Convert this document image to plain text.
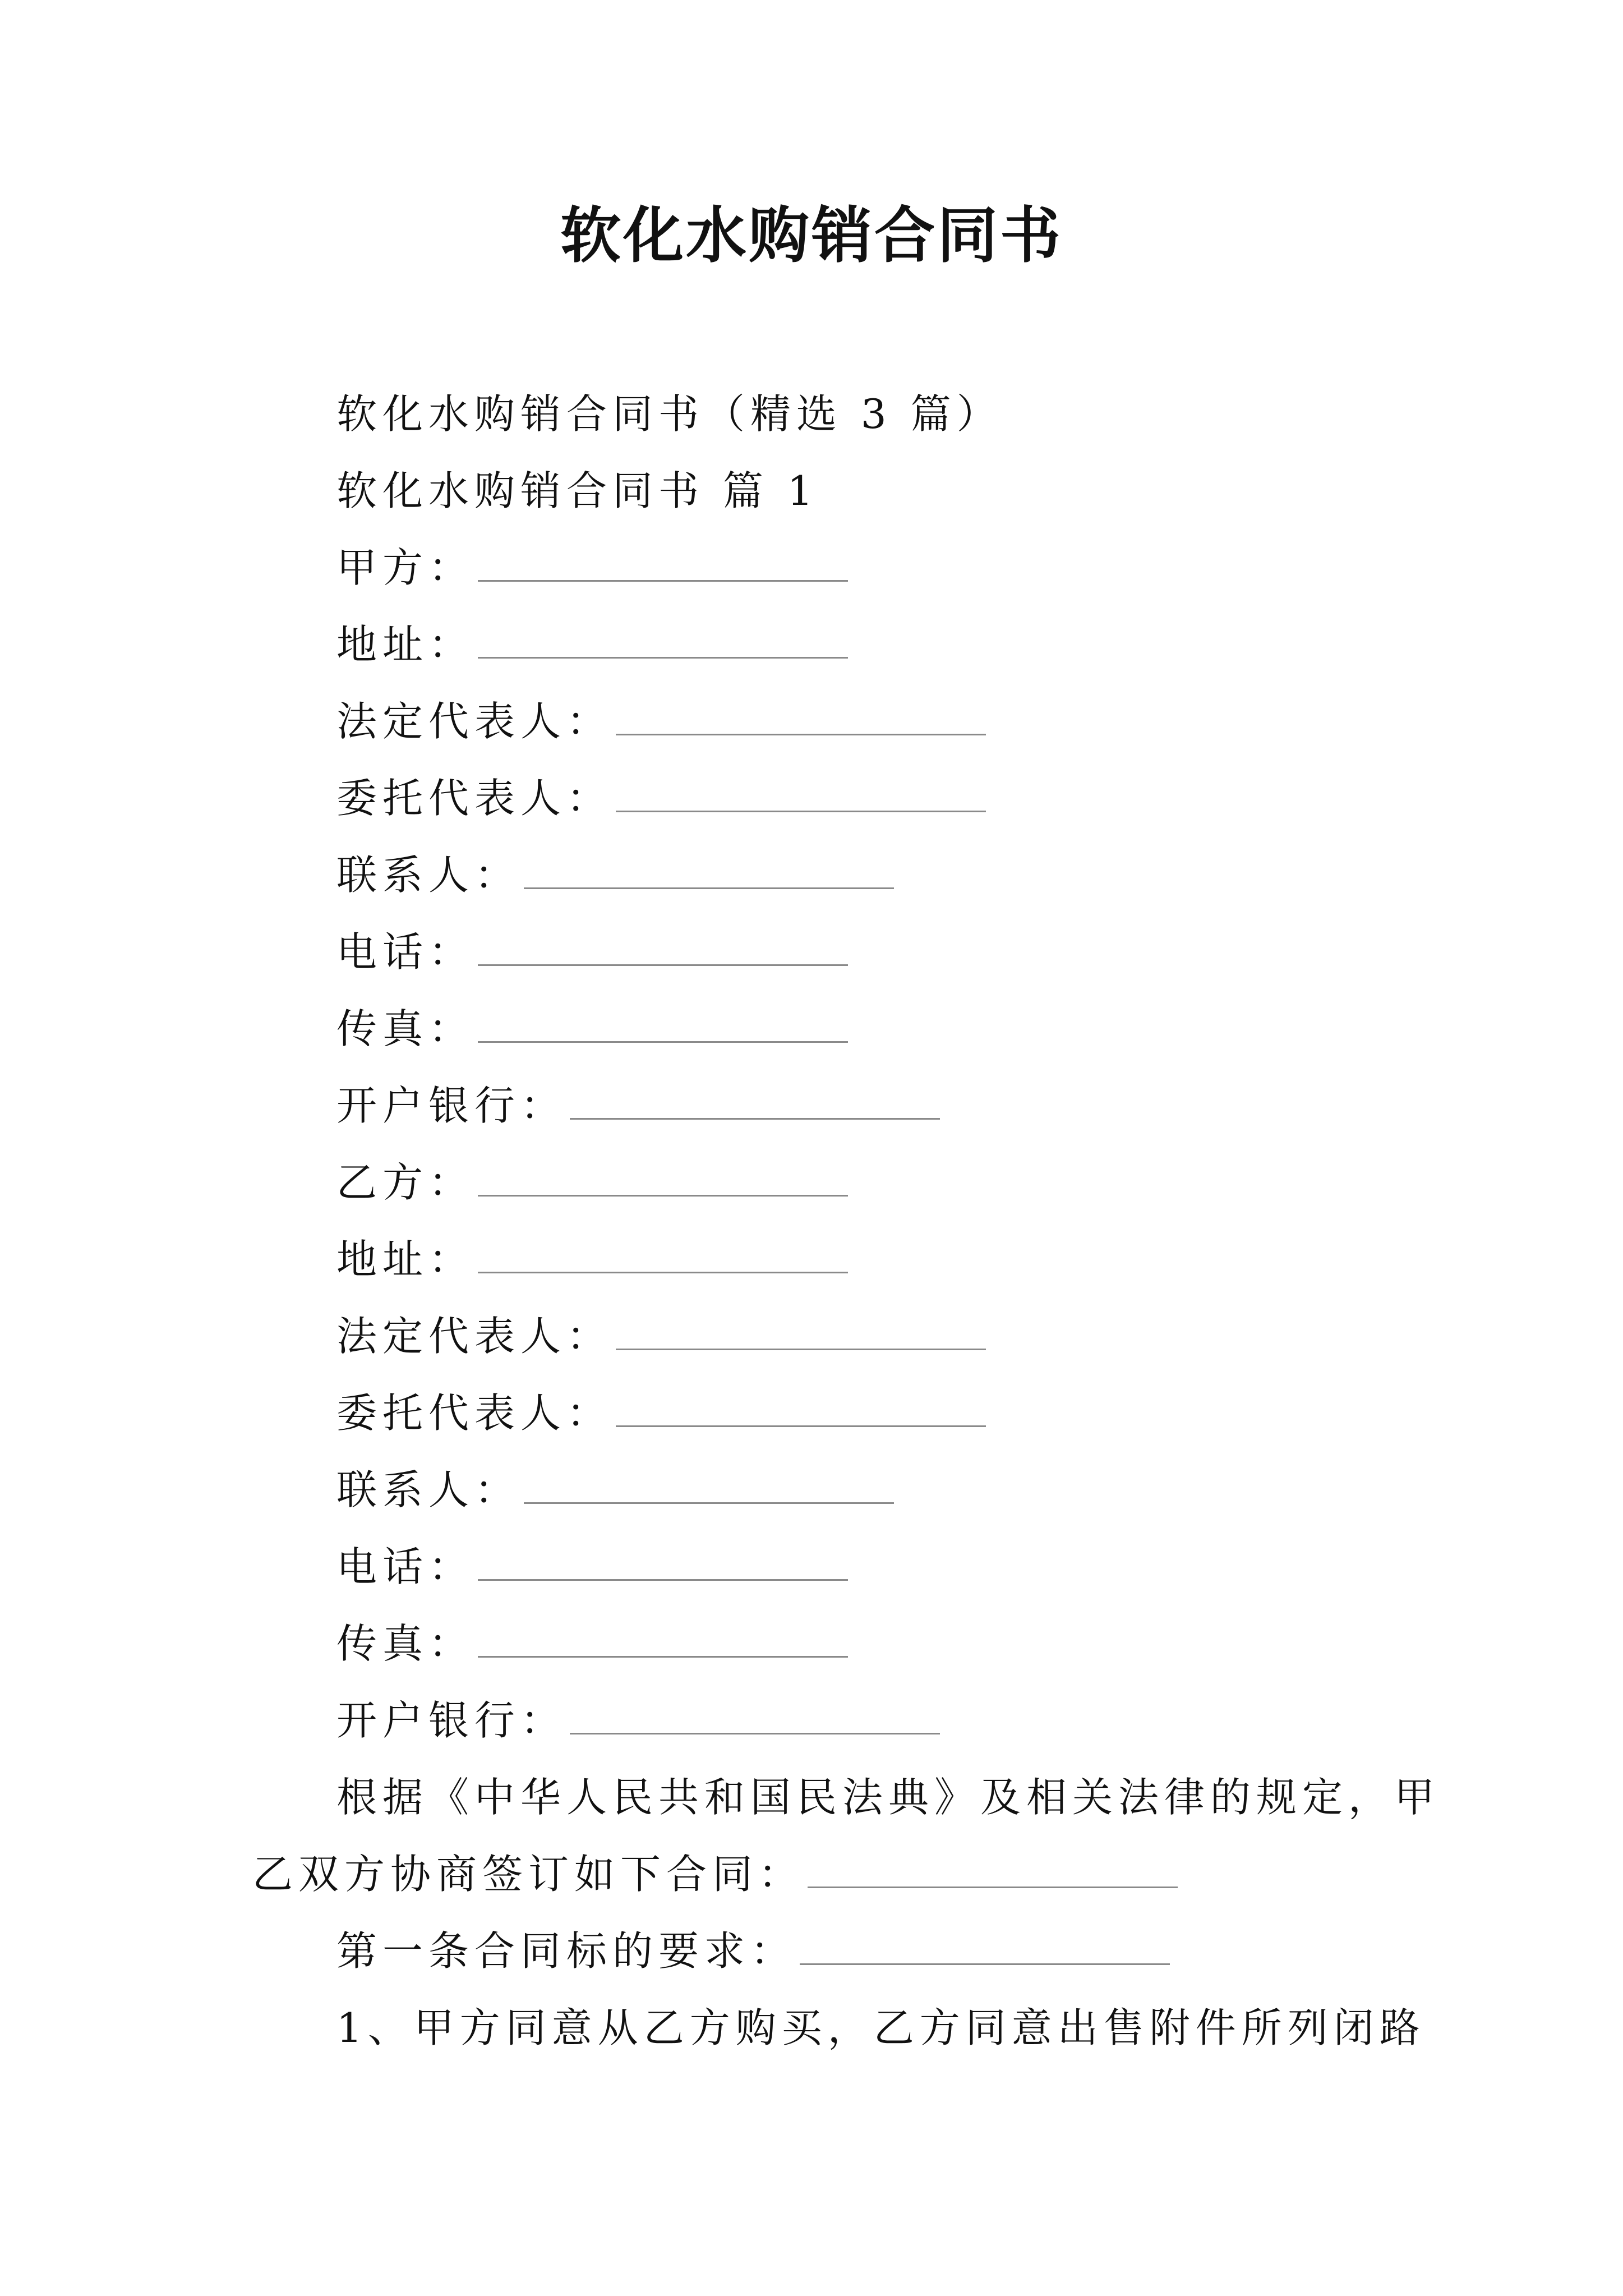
软化水购销合同书
软化水购销合同书（精选 3 篇）
软化水购销合同书 篇 1
甲方：
地址：
法定代表人：
委托代表人：
联系人：
电话：
传真：
开户银行：
乙方：
地址：
法定代表人：
委托代表人：
联系人：
电话：
传真：
开户银行：
根据《中华人民共和国民法典》及相关法律的规定，甲
乙双方协商签订如下合同：
第一条合同标的要求：
1、甲方同意从乙方购买，乙方同意出售附件所列闭路
